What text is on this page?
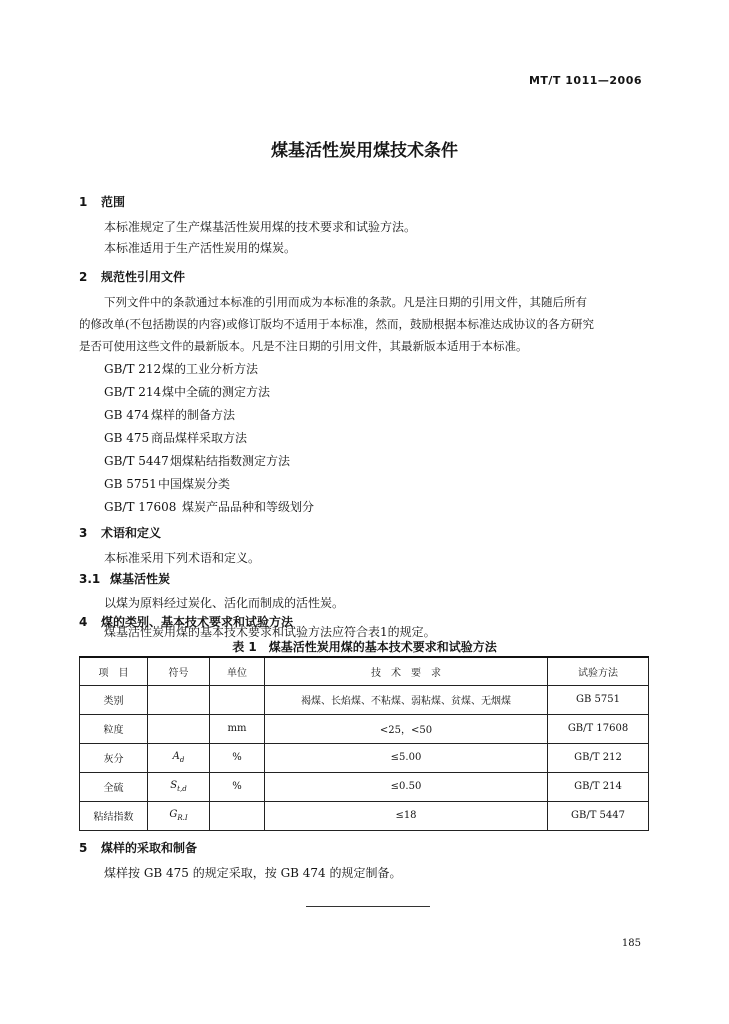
MT/T 1011—2006
煤基活性炭用煤技术条件
1 范围
本标准规定了生产煤基活性炭用煤的技术要求和试验方法。
本标准适用于生产活性炭用的煤炭。
2 规范性引用文件
下列文件中的条款通过本标准的引用而成为本标准的条款。凡是注日期的引用文件，其随后所有
的修改单(不包括勘误的内容)或修订版均不适用于本标准，然而，鼓励根据本标准达成协议的各方研究
是否可使用这些文件的最新版本。凡是不注日期的引用文件，其最新版本适用于本标准。
GB/T 212煤的工业分析方法
GB/T 214煤中全硫的测定方法
GB 474 煤样的制备方法
GB 475 商品煤样采取方法
GB/T 5447烟煤粘结指数测定方法
GB 5751中国煤炭分类
GB/T 17608 煤炭产品品种和等级划分
3 术语和定义
本标准采用下列术语和定义。
3.1 煤基活性炭
以煤为原料经过炭化、活化而制成的活性炭。
4 煤的类别、基本技术要求和试验方法
煤基活性炭用煤的基本技术要求和试验方法应符合表1的规定。
表 1　煤基活性炭用煤的基本技术要求和试验方法
项　目	符号	单位	技　术　要　求	试验方法
类别			褐煤、长焰煤、不粘煤、弱粘煤、贫煤、无烟煤	GB 5751
粒度		mm	<25，<50	GB/T 17608
灰分	$A_d$	%	≤5.00	GB/T 212
全硫	$S_{t,d}$	%	≤0.50	GB/T 214
粘结指数	$G_{R.I}$		≤18	GB/T 5447
5 煤样的采取和制备
煤样按 GB 475 的规定采取，按 GB 474 的规定制备。
185
